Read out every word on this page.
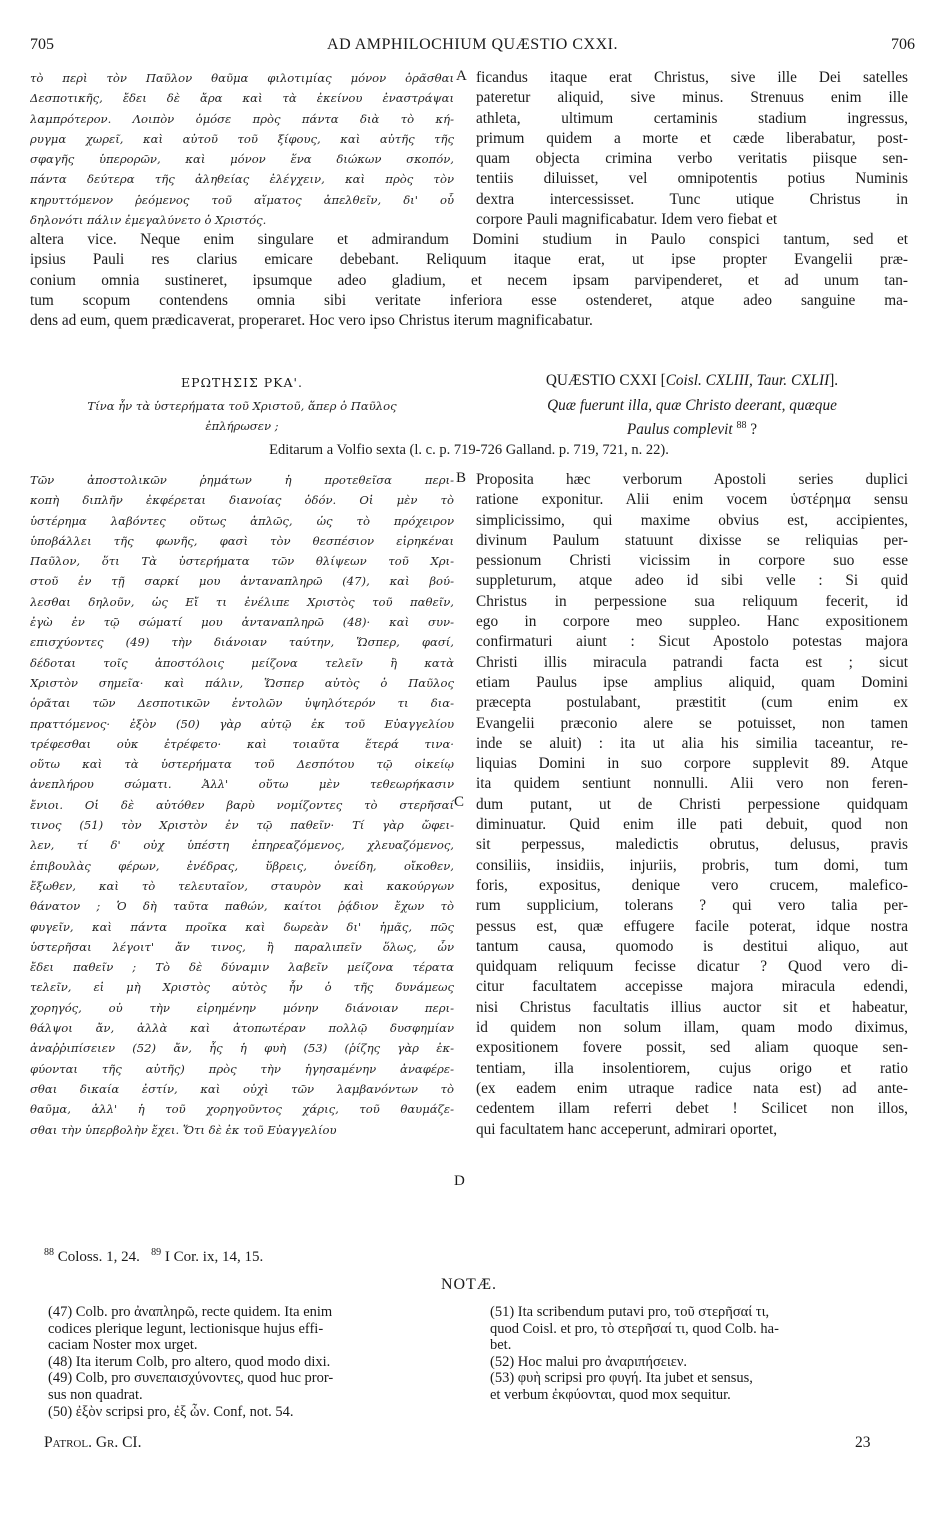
705	AD AMPHILOCHIUM QUÆSTIO CXXI.	706
τὸ περὶ τὸν Παῦλον θαῦμα φιλοτιμίας μόνον ὁρᾶσθαι
Δεσποτικῆς, ἔδει δὲ ἄρα καὶ τὰ ἐκείνου ἐναστράψαι
λαμπρότερον. Λοιπὸν ὁμόσε πρὸς πάντα διὰ τὸ κή-
ρυγμα χωρεῖ, καὶ αὐτοῦ τοῦ ξίφους, καὶ αὐτῆς τῆς
σφαγῆς ὑπερορῶν, καὶ μόνον ἕνα διώκων σκοπόν,
πάντα δεύτερα τῆς ἀληθείας ἐλέγχειν, καὶ πρὸς τὸν
κηρυττόμενον ῥεόμενος τοῦ αἵματος ἀπελθεῖν, δι' οὗ
δηλονότι πάλιν ἐμεγαλύνετο ὁ Χριστός.
A ficandus itaque erat Christus, sive ille Dei satelles
pateretur aliquid, sive minus. Strenuus enim ille
athleta, ultimum certaminis stadium ingressus,
primum quidem a morte et cæde liberabatur, post-
quam objecta crimina verbo veritatis piisque sen-
tentiis diluisset, vel omnipotentis potius Numinis
dextra intercessisset. Tunc utique Christus in
corpore Pauli magnificabatur. Idem vero fiebat et
altera vice. Neque enim singulare et admirandum Domini studium in Paulo conspici tantum, sed et
ipsius Pauli res clarius emicare debebant. Reliquum itaque erat, ut ipse propter Evangelii præ-
conium omnia sustineret, ipsumque adeo gladium, et necem ipsam parvipenderet, et ad unum tan-
tum scopum contendens omnia sibi veritate inferiora esse ostenderet, atque adeo sanguine ma-
dens ad eum, quem prædicaverat, properaret. Hoc vero ipso Christus iterum magnificabatur.
ΕΡΩΤΗΣΙΣ ΡΚΑ'.	QUÆSTIO CXXI [Coisl. CXLIII, Taur. CXLII].
Τίνα ἦν τὰ ὑστερήματα τοῦ Χριστοῦ, ἅπερ ὁ Παῦλος
ἐπλήρωσεν ;
Quæ fuerunt illa, quæ Christo deerant, quæque
Paulus complevit $^{88}$ ?
Editarum a Volfio sexta (l. c. p. 719-726 Galland. p. 719, 721, n. 22).
Τῶν ἀποστολικῶν ῥημάτων ἡ προτεθεῖσα περι-
κοπὴ διπλῆν ἐκφέρεται διανοίας ὁδόν. Οἱ μὲν τὸ
ὑστέρημα λαβόντες οὕτως ἁπλῶς, ὡς τὸ πρόχειρον
ὑποβάλλει τῆς φωνῆς, φασὶ τὸν θεσπέσιον εἰρηκέναι
Παῦλον, ὅτι Τὰ ὑστερήματα τῶν θλίψεων τοῦ Χρι-
στοῦ ἐν τῇ σαρκί μου ἀνταναπληρῶ (47), καὶ βού-
λεσθαι δηλοῦν, ὡς Εἴ τι ἐνέλιπε Χριστὸς τοῦ παθεῖν,
ἐγὼ ἐν τῷ σώματί μου ἀνταναπληρῶ (48)· καὶ συν-
επισχύοντες (49) τὴν διάνοιαν ταύτην, Ὥσπερ, φασί,
δέδοται τοῖς ἀποστόλοις μείζονα τελεῖν ἢ κατὰ
Χριστὸν σημεῖα· καὶ πάλιν, Ὥσπερ αὐτὸς ὁ Παῦλος
ὁρᾶται τῶν Δεσποτικῶν ἐντολῶν ὑψηλότερόν τι δια-
πραττόμενος· ἐξὸν (50) γὰρ αὐτῷ ἐκ τοῦ Εὐαγγελίου
τρέφεσθαι οὐκ ἐτρέφετο· καὶ τοιαῦτα ἕτερά τινα·
οὕτω καὶ τὰ ὑστερήματα τοῦ Δεσπότου τῷ οἰκείῳ
ἀνεπλήρου σώματι. Ἀλλ' οὕτω μὲν τεθεωρήκασιν
ἔνιοι. Οἱ δὲ αὐτόθεν βαρὺ νομίζοντες τὸ στερῆσαί
τινος (51) τὸν Χριστὸν ἐν τῷ παθεῖν· Τί γὰρ ὤφει-
λεν, τί δ' οὐχ ὑπέστη ἐπηρεαζόμενος, χλευαζόμενος,
ἐπιβουλὰς φέρων, ἐνέδρας, ὕβρεις, ὀνείδη, οἴκοθεν,
ἔξωθεν, καὶ τὸ τελευταῖον, σταυρὸν καὶ κακούργων
θάνατον ; Ὁ δὴ ταῦτα παθών, καίτοι ῥᾴδιον ἔχων τὸ
φυγεῖν, καὶ πάντα προῖκα καὶ δωρεὰν δι' ἡμᾶς, πῶς
ὑστερῆσαι λέγοιτ' ἄν τινος, ἢ παραλιπεῖν ὅλως, ὧν
ἔδει παθεῖν ; Τὸ δὲ δύναμιν λαβεῖν μείζονα τέρατα
τελεῖν, εἰ μὴ Χριστὸς αὐτὸς ἦν ὁ τῆς δυνάμεως
χορηγός, οὐ τὴν εἰρημένην μόνην διάνοιαν περι-
θάλψοι ἄν, ἀλλὰ καὶ ἀτοπωτέραν πολλῷ δυσφημίαν
ἀναῤῥιπίσειεν (52) ἄν, ἧς ἡ φυὴ (53) (ῥίζης γὰρ ἐκ-
φύονται τῆς αὐτῆς) πρὸς τὴν ἡγησαμένην ἀναφέρε-
σθαι δικαία ἐστίν, καὶ οὐχὶ τῶν λαμβανόντων τὸ
θαῦμα, ἀλλ' ἡ τοῦ χορηγοῦντος χάρις, τοῦ θαυμάζε-
σθαι τὴν ὑπερβολὴν ἔχει. Ὅτι δὲ ἐκ τοῦ Εὐαγγελίου
B
C
D
Proposita hæc verborum Apostoli series duplici
ratione exponitur. Alii enim vocem ὑστέρημα sensu
simplicissimo, qui maxime obvius est, accipientes,
divinum Paulum statuunt dixisse se reliquias per-
pessionum Christi vicissim in corpore suo esse
suppleturum, atque adeo id sibi velle : Si quid
Christus in perpessione sua reliquum fecerit, id
ego in corpore meo suppleo. Hanc expositionem
confirmaturi aiunt : Sicut Apostolo potestas majora
Christi illis miracula patrandi facta est ; sicut
etiam Paulus ipse amplius aliquid, quam Domini
præcepta postulabant, præstitit (cum enim ex
Evangelii præconio alere se potuisset, non tamen
inde se aluit) : ita ut alia his similia taceantur, re-
liquias Domini in suo corpore supplevit 89. Atque
ita quidem sentiunt nonnulli. Alii vero non feren-
dum putant, ut de Christi perpessione quidquam
diminuatur. Quid enim ille pati debuit, quod non
sit perpessus, maledictis obrutus, delusus, pravis
consiliis, insidiis, injuriis, probris, tum domi, tum
foris, expositus, denique vero crucem, malefico-
rum supplicium, tolerans ? qui vero talia per-
pessus est, quæ effugere facile poterat, idque nostra
tantum causa, quomodo is destitui aliquo, aut
quidquam reliquum fecisse dicatur ? Quod vero di-
citur facultatem accepisse majora miracula edendi,
nisi Christus facultatis illius auctor sit et habeatur,
id quidem non solum illam, quam modo diximus,
expositionem fovere possit, sed aliam quoque sen-
tentiam, illa insolentiorem, cujus origo et ratio
(ex eadem enim utraque radice nata est) ad ante-
cedentem illam referri debet ! Scilicet non illos,
qui facultatem hanc acceperunt, admirari oportet,
$^{88}$ Coloss. 1, 24. $^{89}$ I Cor. ix, 14, 15.
NOTÆ.
(47) Colb. pro ἀναπληρῶ, recte quidem. Ita enim
codices plerique legunt, lectionisque hujus effi-
caciam Noster mox urget.
(48) Ita iterum Colb, pro altero, quod modo dixi.
(49) Colb, pro συνεπαισχύνοντες, quod huc pror-
sus non quadrat.
(50) ἐξὸν scripsi pro, ἐξ ὧν. Conf, not. 54.
(51) Ita scribendum putavi pro, τοῦ στερῆσαί τι,
quod Coisl. et pro, τὸ στερῆσαί τι, quod Colb. ha-
bet.
(52) Hoc malui pro ἀναριπήσειεν.
(53) φυὴ scripsi pro φυγή. Ita jubet et sensus,
et verbum ἐκφύονται, quod mox sequitur.
Patrol. Gr. CI.	23
